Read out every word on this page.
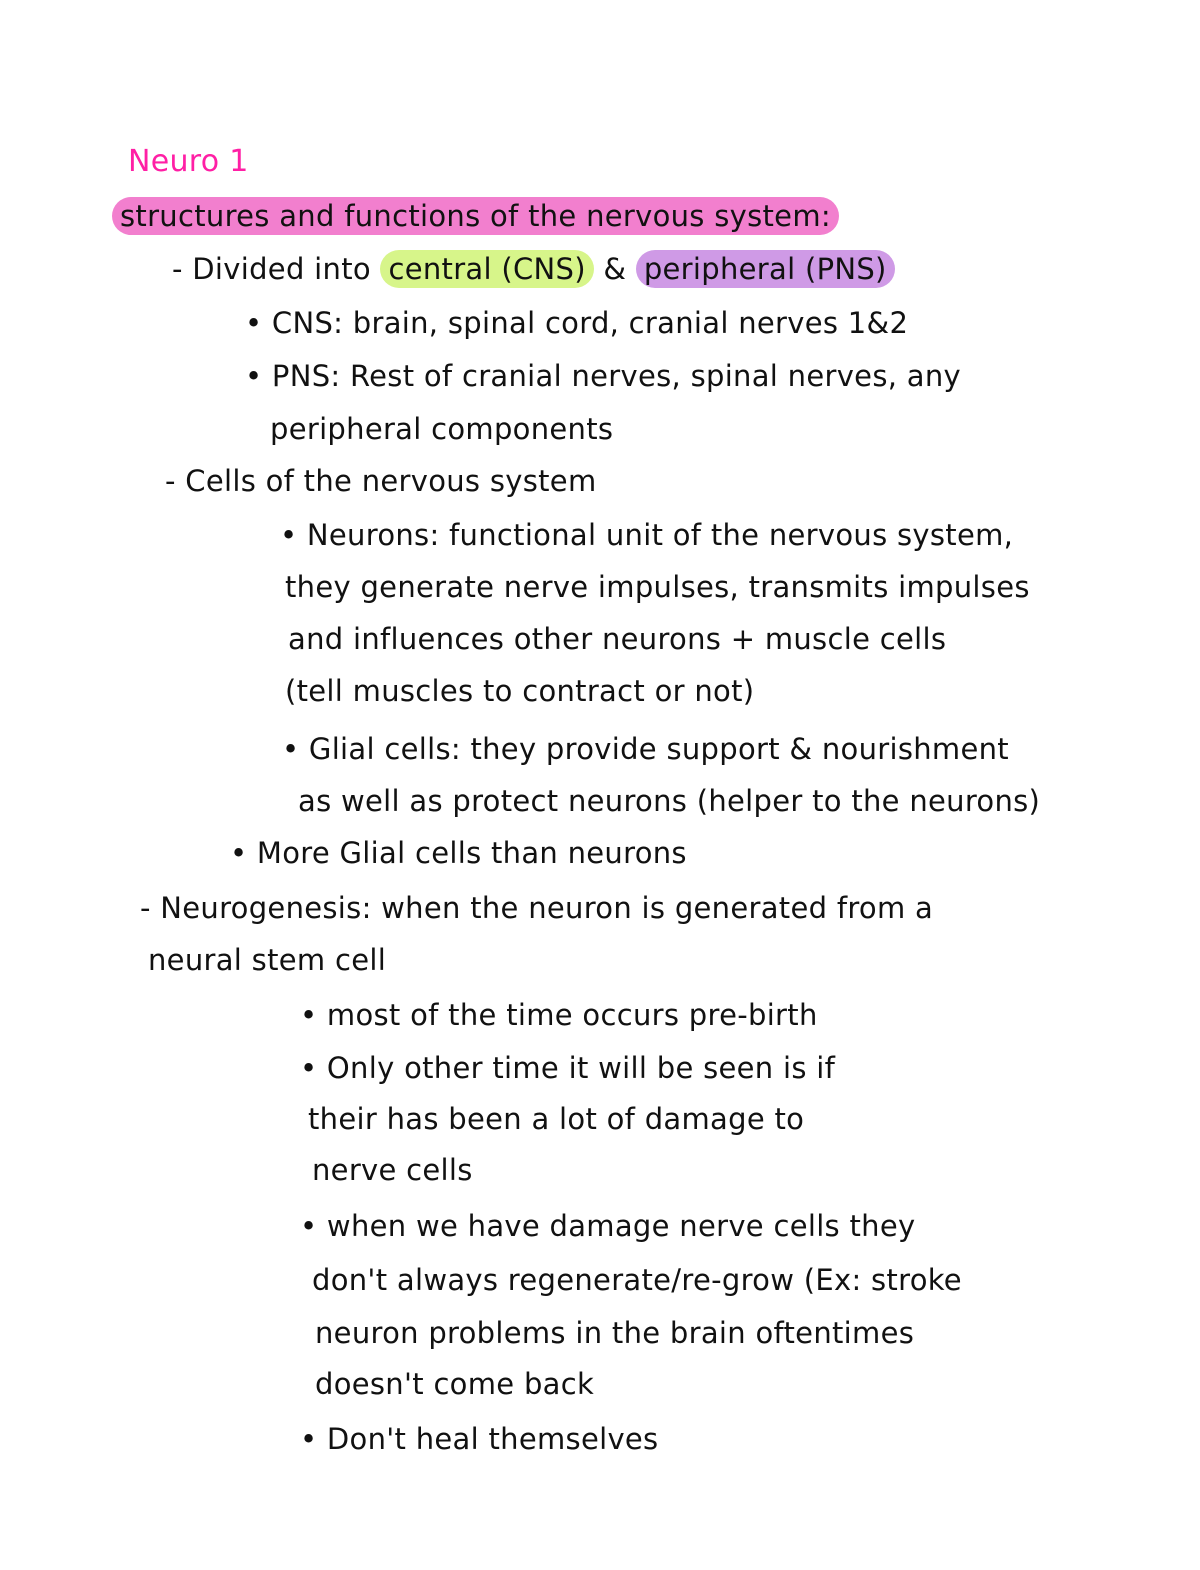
Neuro 1
structures and functions of the nervous system:
- Divided into central (CNS) & peripheral (PNS)
• CNS: brain, spinal cord, cranial nerves 1&2
• PNS: Rest of cranial nerves, spinal nerves, any
peripheral components
- Cells of the nervous system
• Neurons: functional unit of the nervous system,
they generate nerve impulses, transmits impulses
and influences other neurons + muscle cells
(tell muscles to contract or not)
• Glial cells: they provide support & nourishment
as well as protect neurons (helper to the neurons)
• More Glial cells than neurons
- Neurogenesis: when the neuron is generated from a
neural stem cell
• most of the time occurs pre-birth
• Only other time it will be seen is if
their has been a lot of damage to
nerve cells
• when we have damage nerve cells they
don't always regenerate/re-grow (Ex: stroke
neuron problems in the brain oftentimes
doesn't come back
• Don't heal themselves
